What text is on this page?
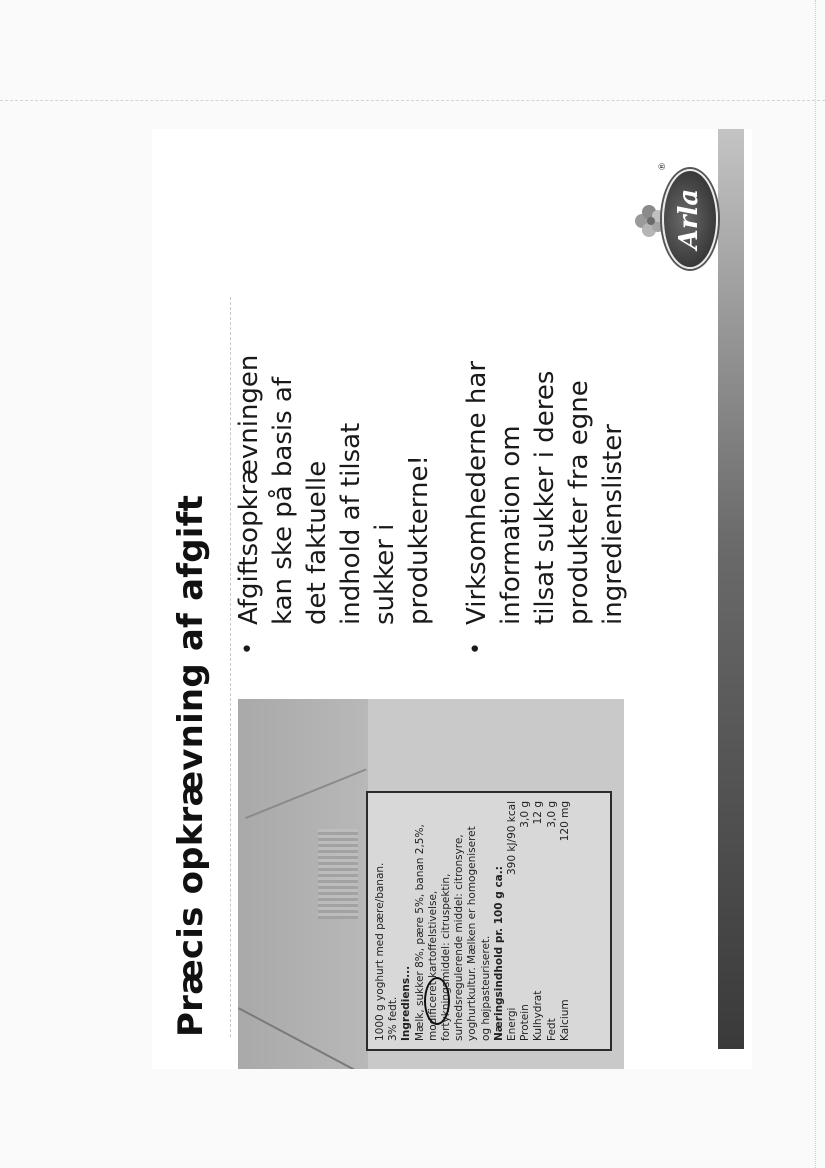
Præcis opkrævning af afgift	1000 g yoghurt med pære/banan. 3% fedt. Ingrediens... Mælk, sukker 8%, pære 5%, banan 2,5%, modificeret kartoffelstivelse, fortykningsmiddel: citruspektin, surhedsregulerende middel: citronsyre, yoghurtkultur. Mælken er homogeniseret og højpasteuriseret. Næringsindhold pr. 100 g ca.: Energi
390 kJ/90 kcal
Protein
3,0 g
Kulhydrat
12 g
Fedt
3,0 g
Kalcium
120 mg
•
Afgiftsopkrævningen kan ske på basis af det faktuelle indhold af tilsat sukker i produkterne!
•
Virksomhederne har information om tilsat sukker i deres produkter fra egne ingredienslister
Arla
®
